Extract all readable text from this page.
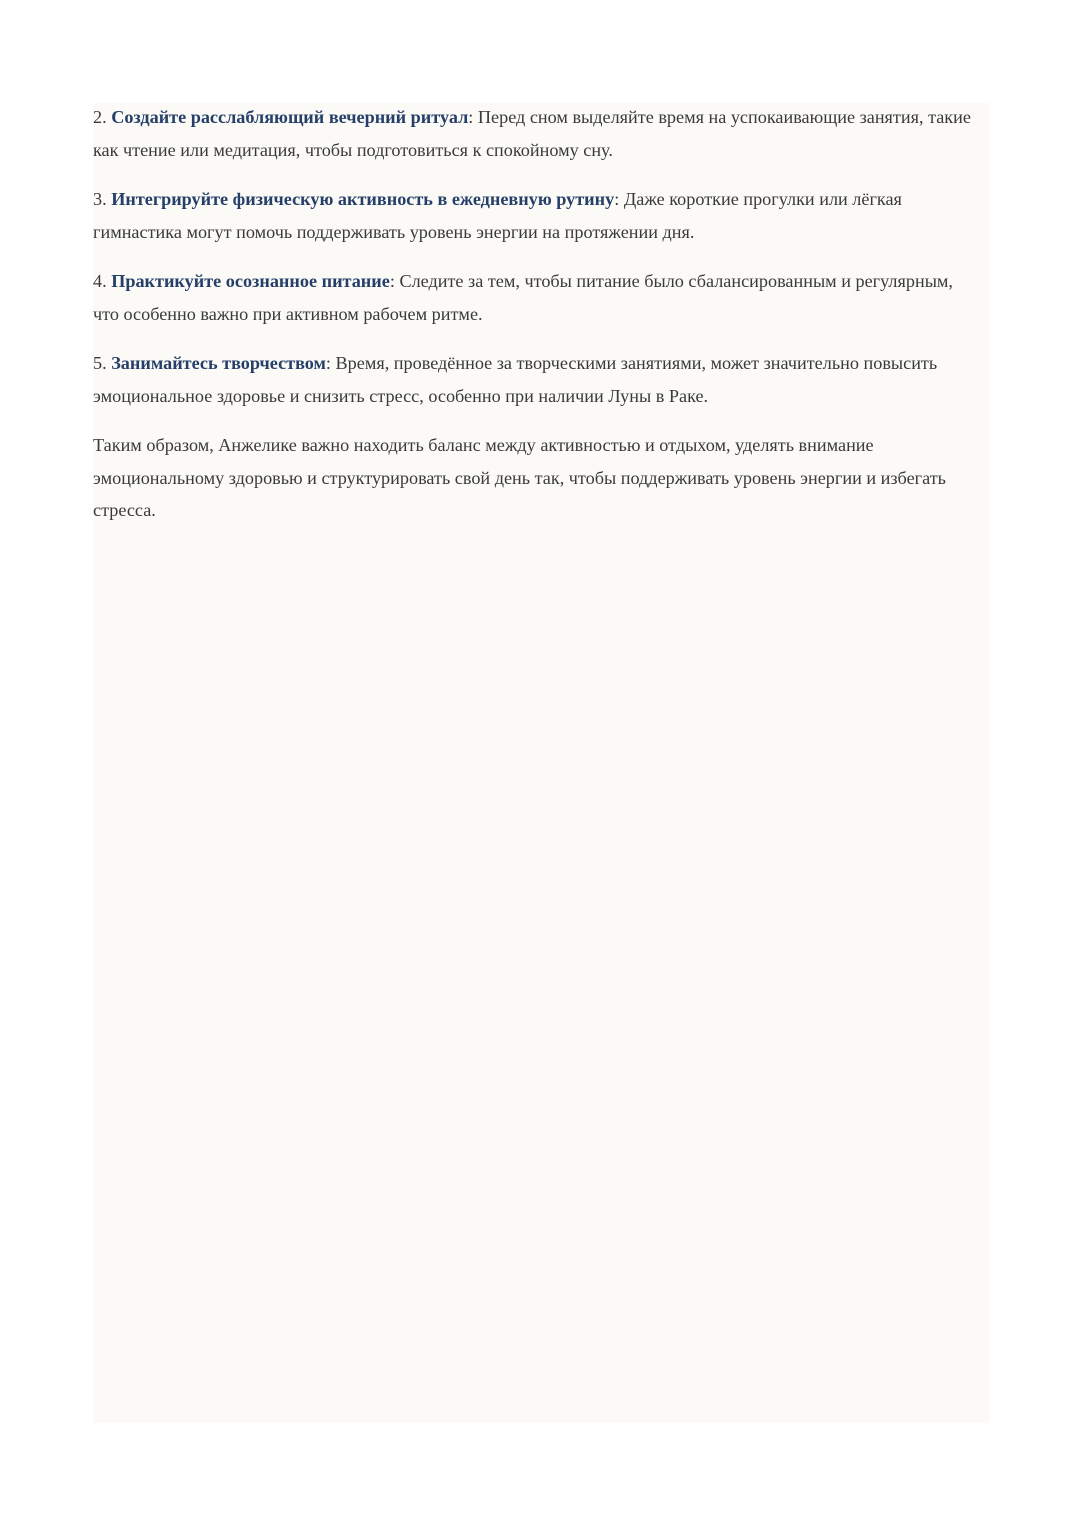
2. Создайте расслабляющий вечерний ритуал: Перед сном выделяйте время на успокаивающие занятия, такие как чтение или медитация, чтобы подготовиться к спокойному сну.

3. Интегрируйте физическую активность в ежедневную рутину: Даже короткие прогулки или лёгкая гимнастика могут помочь поддерживать уровень энергии на протяжении дня.

4. Практикуйте осознанное питание: Следите за тем, чтобы питание было сбалансированным и регулярным, что особенно важно при активном рабочем ритме.

5. Занимайтесь творчеством: Время, проведённое за творческими занятиями, может значительно повысить эмоциональное здоровье и снизить стресс, особенно при наличии Луны в Раке.

Таким образом, Анжелике важно находить баланс между активностью и отдыхом, уделять внимание эмоциональному здоровью и структурировать свой день так, чтобы поддерживать уровень энергии и избегать стресса.
